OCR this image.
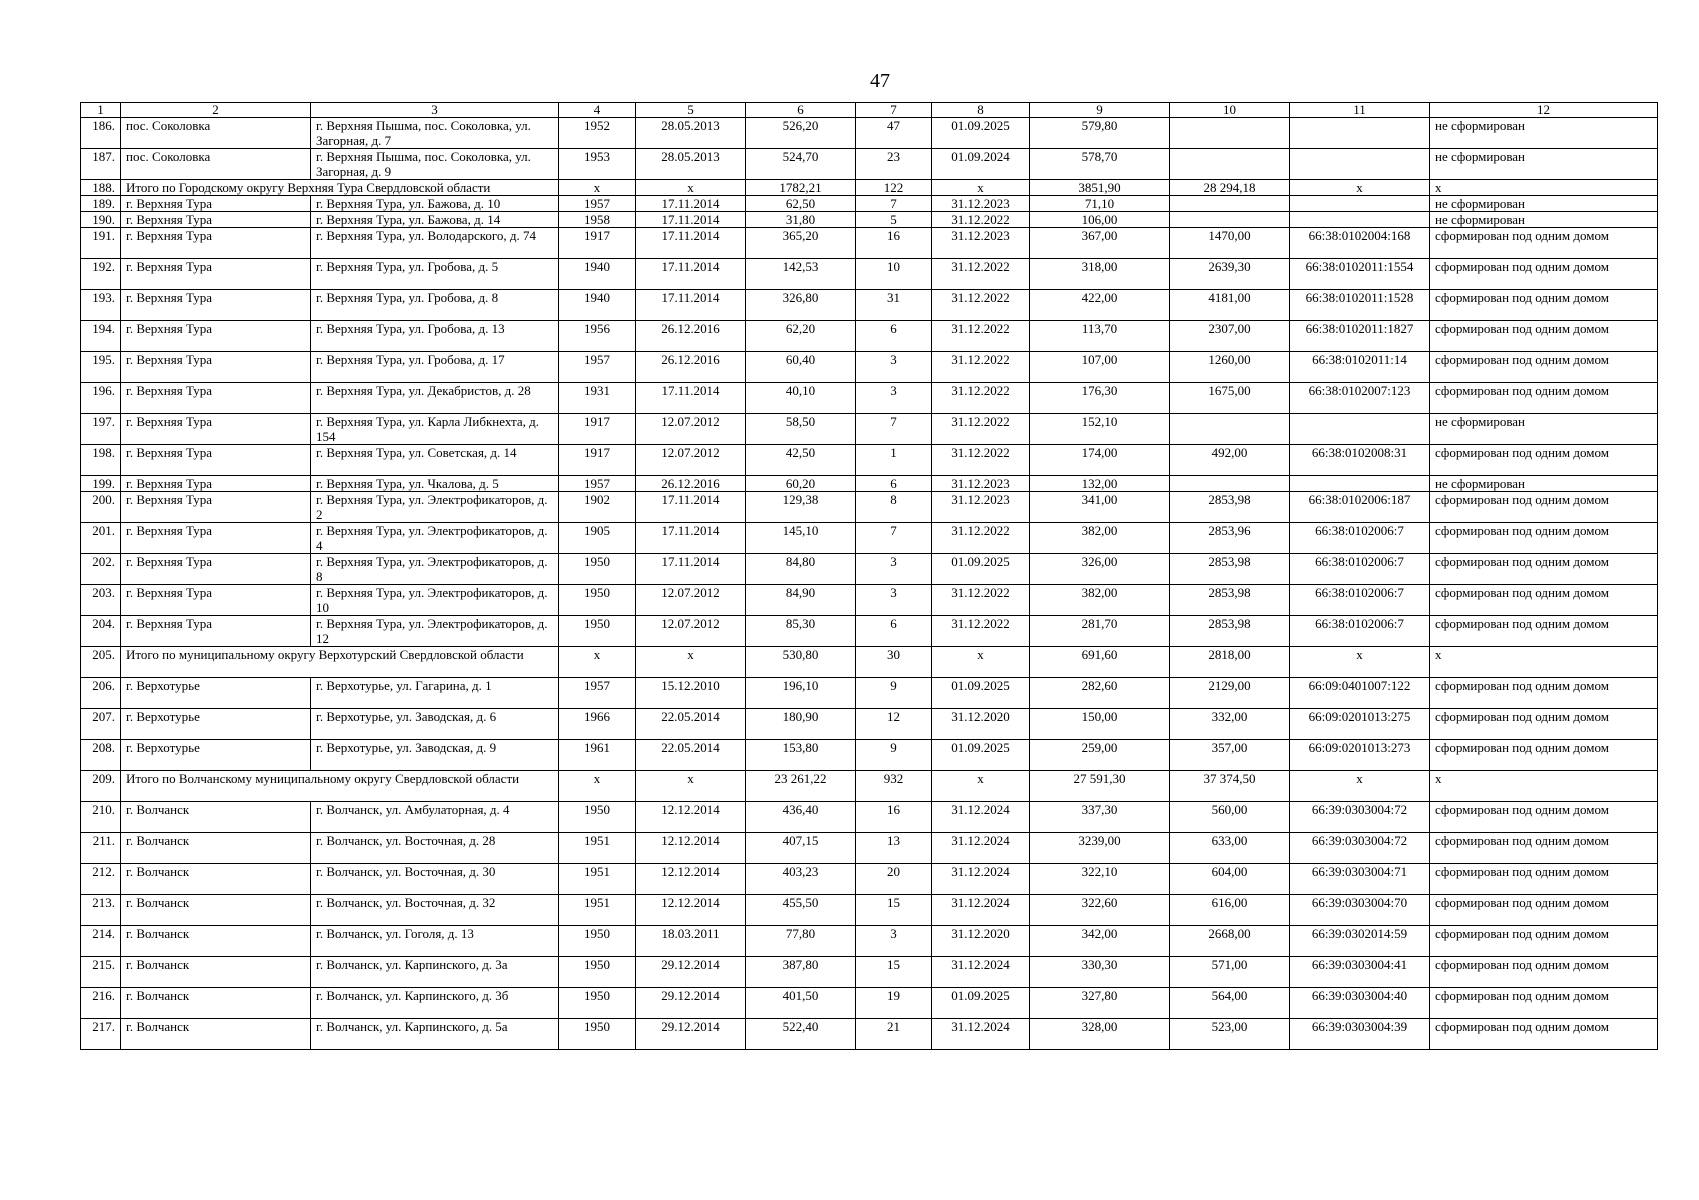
47
1	2	3	4	5	6	7	8	9	10	11	12
186.	пос. Соколовка	г. Верхняя Пышма, пос. Соколовка, ул. Загорная, д. 7	1952	28.05.2013	526,20	47	01.09.2025	579,80			не сформирован
187.	пос. Соколовка	г. Верхняя Пышма, пос. Соколовка, ул. Загорная, д. 9	1953	28.05.2013	524,70	23	01.09.2024	578,70			не сформирован
188.	Итого по Городскому округу Верхняя Тура Свердловской области		x	x	1782,21	122	x	3851,90	28 294,18	x	x
189.	г. Верхняя Тура	г. Верхняя Тура, ул. Бажова, д. 10	1957	17.11.2014	62,50	7	31.12.2023	71,10			не сформирован
190.	г. Верхняя Тура	г. Верхняя Тура, ул. Бажова, д. 14	1958	17.11.2014	31,80	5	31.12.2022	106,00			не сформирован
191.	г. Верхняя Тура	г. Верхняя Тура, ул. Володарского, д. 74	1917	17.11.2014	365,20	16	31.12.2023	367,00	1470,00	66:38:0102004:168	сформирован под одним домом
192.	г. Верхняя Тура	г. Верхняя Тура, ул. Гробова, д. 5	1940	17.11.2014	142,53	10	31.12.2022	318,00	2639,30	66:38:0102011:1554	сформирован под одним домом
193.	г. Верхняя Тура	г. Верхняя Тура, ул. Гробова, д. 8	1940	17.11.2014	326,80	31	31.12.2022	422,00	4181,00	66:38:0102011:1528	сформирован под одним домом
194.	г. Верхняя Тура	г. Верхняя Тура, ул. Гробова, д. 13	1956	26.12.2016	62,20	6	31.12.2022	113,70	2307,00	66:38:0102011:1827	сформирован под одним домом
195.	г. Верхняя Тура	г. Верхняя Тура, ул. Гробова, д. 17	1957	26.12.2016	60,40	3	31.12.2022	107,00	1260,00	66:38:0102011:14	сформирован под одним домом
196.	г. Верхняя Тура	г. Верхняя Тура, ул. Декабристов, д. 28	1931	17.11.2014	40,10	3	31.12.2022	176,30	1675,00	66:38:0102007:123	сформирован под одним домом
197.	г. Верхняя Тура	г. Верхняя Тура, ул. Карла Либкнехта, д. 154	1917	12.07.2012	58,50	7	31.12.2022	152,10			не сформирован
198.	г. Верхняя Тура	г. Верхняя Тура, ул. Советская, д. 14	1917	12.07.2012	42,50	1	31.12.2022	174,00	492,00	66:38:0102008:31	сформирован под одним домом
199.	г. Верхняя Тура	г. Верхняя Тура, ул. Чкалова, д. 5	1957	26.12.2016	60,20	6	31.12.2023	132,00			не сформирован
200.	г. Верхняя Тура	г. Верхняя Тура, ул. Электрофикаторов, д. 2	1902	17.11.2014	129,38	8	31.12.2023	341,00	2853,98	66:38:0102006:187	сформирован под одним домом
201.	г. Верхняя Тура	г. Верхняя Тура, ул. Электрофикаторов, д. 4	1905	17.11.2014	145,10	7	31.12.2022	382,00	2853,96	66:38:0102006:7	сформирован под одним домом
202.	г. Верхняя Тура	г. Верхняя Тура, ул. Электрофикаторов, д. 8	1950	17.11.2014	84,80	3	01.09.2025	326,00	2853,98	66:38:0102006:7	сформирован под одним домом
203.	г. Верхняя Тура	г. Верхняя Тура, ул. Электрофикаторов, д. 10	1950	12.07.2012	84,90	3	31.12.2022	382,00	2853,98	66:38:0102006:7	сформирован под одним домом
204.	г. Верхняя Тура	г. Верхняя Тура, ул. Электрофикаторов, д. 12	1950	12.07.2012	85,30	6	31.12.2022	281,70	2853,98	66:38:0102006:7	сформирован под одним домом
205.	Итого по муниципальному округу Верхотурский Свердловской области		x	x	530,80	30	x	691,60	2818,00	x	x
206.	г. Верхотурье	г. Верхотурье, ул. Гагарина, д. 1	1957	15.12.2010	196,10	9	01.09.2025	282,60	2129,00	66:09:0401007:122	сформирован под одним домом
207.	г. Верхотурье	г. Верхотурье, ул. Заводская, д. 6	1966	22.05.2014	180,90	12	31.12.2020	150,00	332,00	66:09:0201013:275	сформирован под одним домом
208.	г. Верхотурье	г. Верхотурье, ул. Заводская, д. 9	1961	22.05.2014	153,80	9	01.09.2025	259,00	357,00	66:09:0201013:273	сформирован под одним домом
209.	Итого по Волчанскому муниципальному округу Свердловской области		x	x	23 261,22	932	x	27 591,30	37 374,50	x	x
210.	г. Волчанск	г. Волчанск, ул. Амбулаторная, д. 4	1950	12.12.2014	436,40	16	31.12.2024	337,30	560,00	66:39:0303004:72	сформирован под одним домом
211.	г. Волчанск	г. Волчанск, ул. Восточная, д. 28	1951	12.12.2014	407,15	13	31.12.2024	3239,00	633,00	66:39:0303004:72	сформирован под одним домом
212.	г. Волчанск	г. Волчанск, ул. Восточная, д. 30	1951	12.12.2014	403,23	20	31.12.2024	322,10	604,00	66:39:0303004:71	сформирован под одним домом
213.	г. Волчанск	г. Волчанск, ул. Восточная, д. 32	1951	12.12.2014	455,50	15	31.12.2024	322,60	616,00	66:39:0303004:70	сформирован под одним домом
214.	г. Волчанск	г. Волчанск, ул. Гоголя, д. 13	1950	18.03.2011	77,80	3	31.12.2020	342,00	2668,00	66:39:0302014:59	сформирован под одним домом
215.	г. Волчанск	г. Волчанск, ул. Карпинского, д. 3а	1950	29.12.2014	387,80	15	31.12.2024	330,30	571,00	66:39:0303004:41	сформирован под одним домом
216.	г. Волчанск	г. Волчанск, ул. Карпинского, д. 3б	1950	29.12.2014	401,50	19	01.09.2025	327,80	564,00	66:39:0303004:40	сформирован под одним домом
217.	г. Волчанск	г. Волчанск, ул. Карпинского, д. 5а	1950	29.12.2014	522,40	21	31.12.2024	328,00	523,00	66:39:0303004:39	сформирован под одним домом
